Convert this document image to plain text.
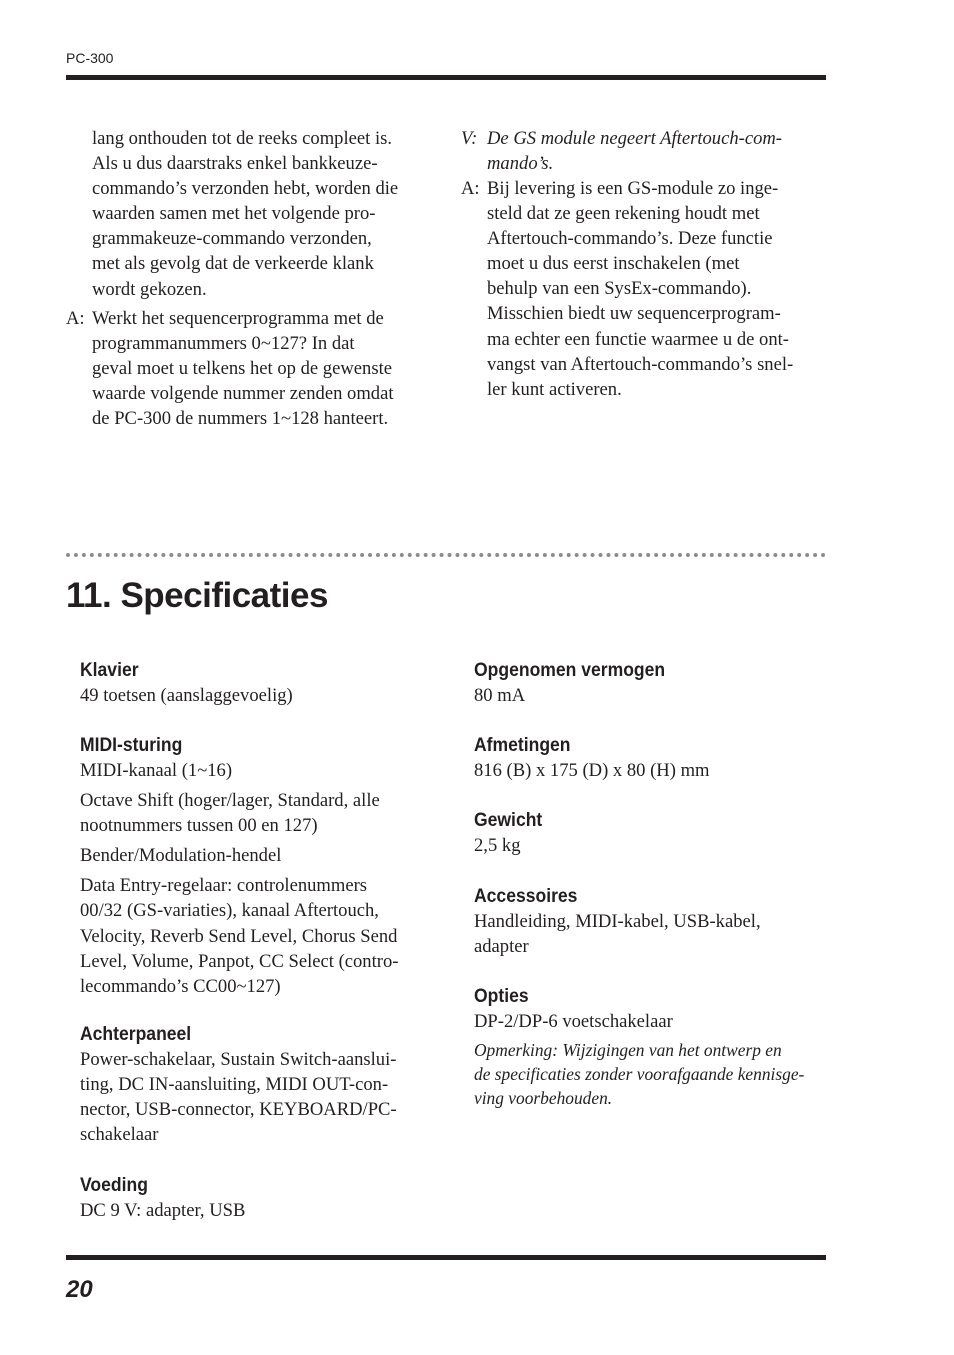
PC-300
lang onthouden tot de reeks compleet is.
Als u dus daarstraks enkel bankkeuze-
commando’s verzonden hebt, worden die
waarden samen met het volgende pro-
grammakeuze-commando verzonden,
met als gevolg dat de verkeerde klank
wordt gekozen.
A: Werkt het sequencerprogramma met de
programmanummers 0~127? In dat
geval moet u telkens het op de gewenste
waarde volgende nummer zenden omdat
de PC-300 de nummers 1~128 hanteert.
V: De GS module negeert Aftertouch-com-
mando’s.
A: Bij levering is een GS-module zo inge-
steld dat ze geen rekening houdt met
Aftertouch-commando’s. Deze functie
moet u dus eerst inschakelen (met
behulp van een SysEx-commando).
Misschien biedt uw sequencerprogram-
ma echter een functie waarmee u de ont-
vangst van Aftertouch-commando’s snel-
ler kunt activeren.
11. Specificaties
Klavier
49 toetsen (aanslaggevoelig)
MIDI-sturing
MIDI-kanaal (1~16)
Octave Shift (hoger/lager, Standard, alle
nootnummers tussen 00 en 127)
Bender/Modulation-hendel
Data Entry-regelaar: controlenummers
00/32 (GS-variaties), kanaal Aftertouch,
Velocity, Reverb Send Level, Chorus Send
Level, Volume, Panpot, CC Select (contro-
lecommando’s CC00~127)
Achterpaneel
Power-schakelaar, Sustain Switch-aanslui-
ting, DC IN-aansluiting, MIDI OUT-con-
nector, USB-connector, KEYBOARD/PC-
schakelaar
Voeding
DC 9 V: adapter, USB
Opgenomen vermogen
80 mA
Afmetingen
816 (B) x 175 (D) x 80 (H) mm
Gewicht
2,5 kg
Accessoires
Handleiding, MIDI-kabel, USB-kabel,
adapter
Opties
DP-2/DP-6 voetschakelaar
Opmerking: Wijzigingen van het ontwerp en
de specificaties zonder voorafgaande kennisge-
ving voorbehouden.
20
